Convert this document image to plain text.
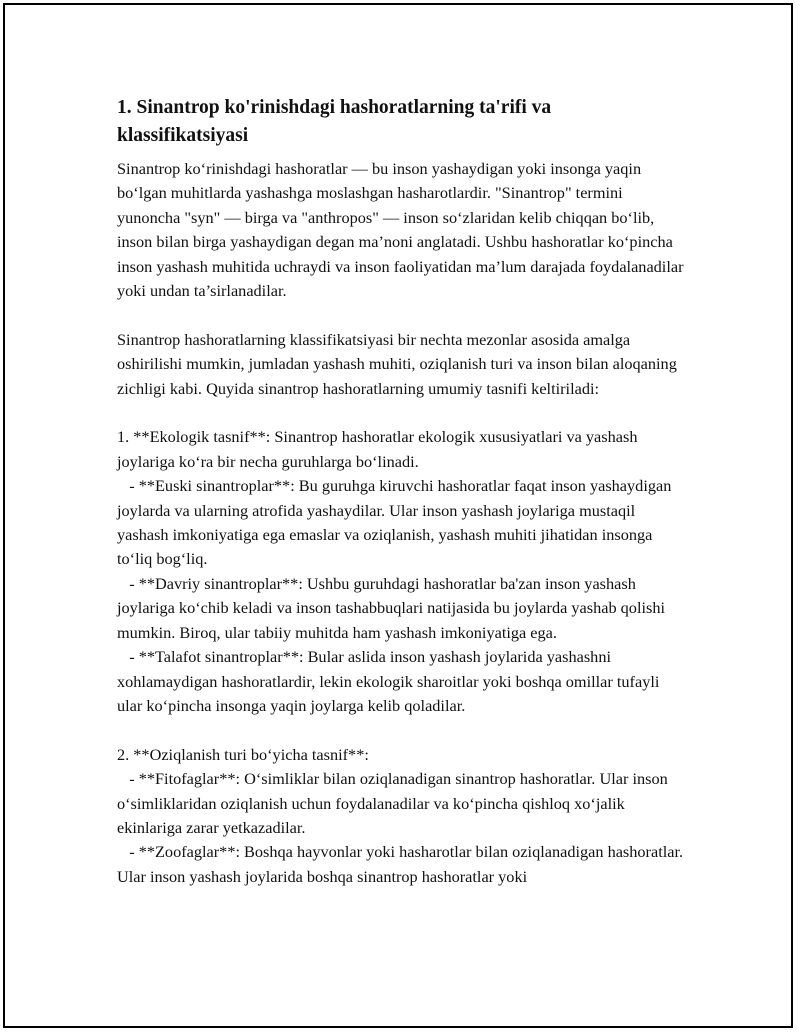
1. Sinantrop ko'rinishdagi hashoratlarning ta'rifi va klassifikatsiyasi

Sinantrop ko‘rinishdagi hashoratlar — bu inson yashaydigan yoki insonga yaqin bo‘lgan muhitlarda yashashga moslashgan hasharotlardir. "Sinantrop" termini yunoncha "syn" — birga va "anthropos" — inson so‘zlaridan kelib chiqqan bo‘lib, inson bilan birga yashaydigan degan ma’noni anglatadi. Ushbu hashoratlar ko‘pincha inson yashash muhitida uchraydi va inson faoliyatidan ma’lum darajada foydalanadilar yoki undan ta’sirlanadilar.

Sinantrop hashoratlarning klassifikatsiyasi bir nechta mezonlar asosida amalga oshirilishi mumkin, jumladan yashash muhiti, oziqlanish turi va inson bilan aloqaning zichligi kabi. Quyida sinantrop hashoratlarning umumiy tasnifi keltiriladi:

1. **Ekologik tasnif**: Sinantrop hashoratlar ekologik xususiyatlari va yashash joylariga ko‘ra bir necha guruhlarga bo‘linadi.
- **Euski sinantroplar**: Bu guruhga kiruvchi hashoratlar faqat inson yashaydigan joylarda va ularning atrofida yashaydilar. Ular inson yashash joylariga mustaqil yashash imkoniyatiga ega emaslar va oziqlanish, yashash muhiti jihatidan insonga to‘liq bog‘liq.
- **Davriy sinantroplar**: Ushbu guruhdagi hashoratlar ba'zan inson yashash joylariga ko‘chib keladi va inson tashabbuqlari natijasida bu joylarda yashab qolishi mumkin. Biroq, ular tabiiy muhitda ham yashash imkoniyatiga ega.
- **Talafot sinantroplar**: Bular aslida inson yashash joylarida yashashni xohlamaydigan hashoratlardir, lekin ekologik sharoitlar yoki boshqa omillar tufayli ular ko‘pincha insonga yaqin joylarga kelib qoladilar.

2. **Oziqlanish turi bo‘yicha tasnif**:
- **Fitofaglar**: O‘simliklar bilan oziqlanadigan sinantrop hashoratlar. Ular inson o‘simliklaridan oziqlanish uchun foydalanadilar va ko‘pincha qishloq xo‘jalik ekinlariga zarar yetkazadilar.
- **Zoofaglar**: Boshqa hayvonlar yoki hasharotlar bilan oziqlanadigan hashoratlar. Ular inson yashash joylarida boshqa sinantrop hashoratlar yoki
